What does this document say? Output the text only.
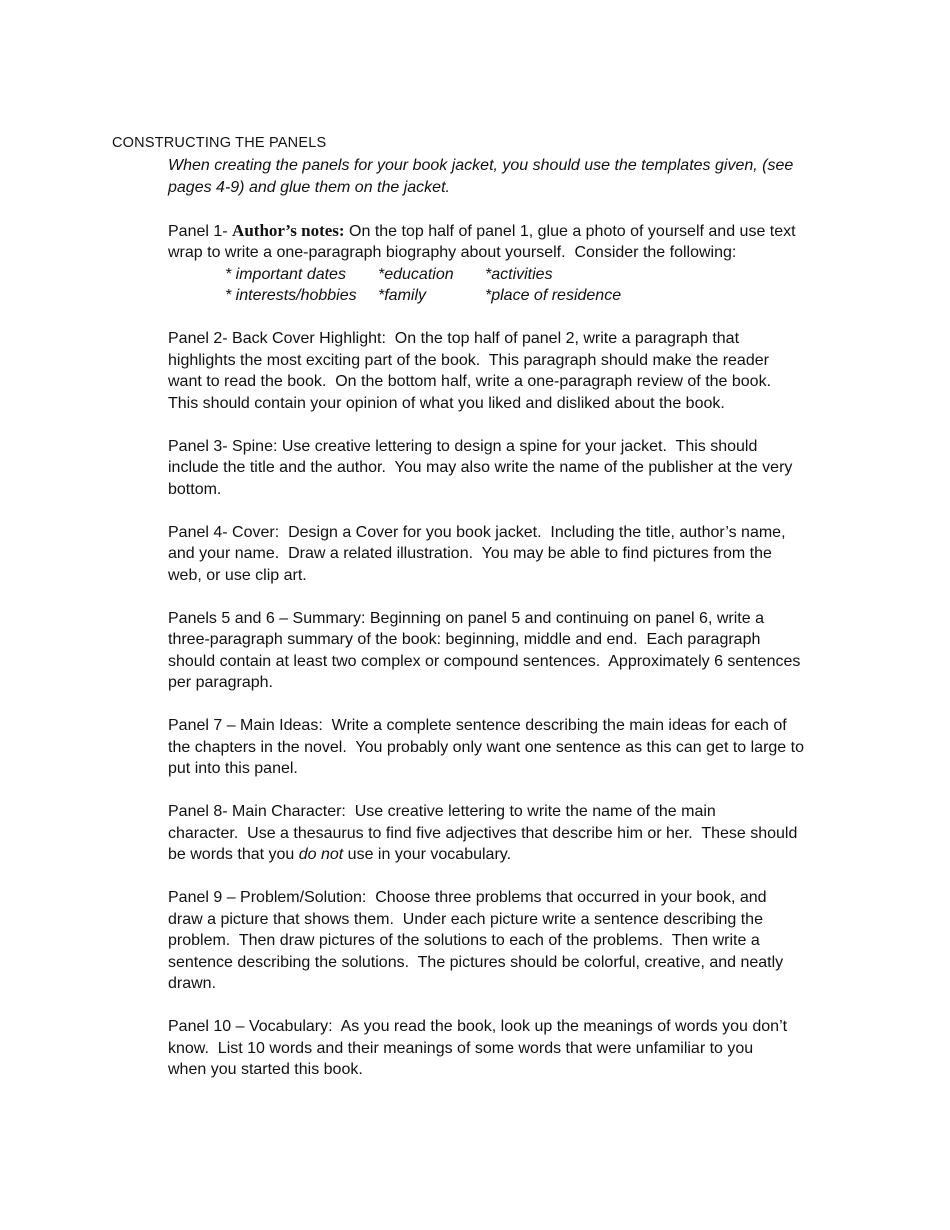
CONSTRUCTING THE PANELS
When creating the panels for your book jacket, you should use the templates given, (see
pages 4-9) and glue them on the jacket.
Panel 1- Author’s notes: On the top half of panel 1, glue a photo of yourself and use text
wrap to write a one-paragraph biography about yourself.  Consider the following:
* important dates *education *activities
* interests/hobbies *family	*place of residence
Panel 2- Back Cover Highlight:  On the top half of panel 2, write a paragraph that
highlights the most exciting part of the book.  This paragraph should make the reader
want to read the book.  On the bottom half, write a one-paragraph review of the book.
This should contain your opinion of what you liked and disliked about the book.
Panel 3- Spine: Use creative lettering to design a spine for your jacket.  This should
include the title and the author.  You may also write the name of the publisher at the very
bottom.
Panel 4- Cover:  Design a Cover for you book jacket.  Including the title, author’s name,
and your name.  Draw a related illustration.  You may be able to find pictures from the
web, or use clip art.
Panels 5 and 6 – Summary: Beginning on panel 5 and continuing on panel 6, write a
three-paragraph summary of the book: beginning, middle and end.  Each paragraph
should contain at least two complex or compound sentences.  Approximately 6 sentences
per paragraph.
Panel 7 – Main Ideas:  Write a complete sentence describing the main ideas for each of
the chapters in the novel.  You probably only want one sentence as this can get to large to
put into this panel.
Panel 8- Main Character:  Use creative lettering to write the name of the main
character.  Use a thesaurus to find five adjectives that describe him or her.  These should
be words that you do not use in your vocabulary.
Panel 9 – Problem/Solution:  Choose three problems that occurred in your book, and
draw a picture that shows them.  Under each picture write a sentence describing the
problem.  Then draw pictures of the solutions to each of the problems.  Then write a
sentence describing the solutions.  The pictures should be colorful, creative, and neatly
drawn.
Panel 10 – Vocabulary:  As you read the book, look up the meanings of words you don’t
know.  List 10 words and their meanings of some words that were unfamiliar to you
when you started this book.
